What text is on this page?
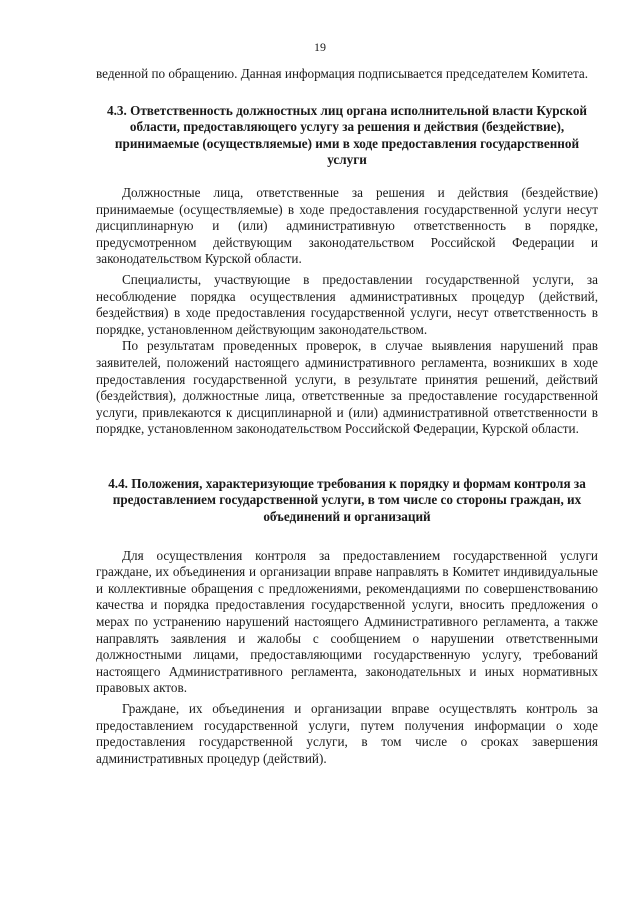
19

веденной по обращению. Данная информация подписывается председателем Комитета.

4.3. Ответственность должностных лиц органа исполнительной власти Курской области, предоставляющего услугу за решения и действия (бездействие), принимаемые (осуществляемые) ими в ходе предоставления государственной услуги

Должностные лица, ответственные за решения и действия (бездействие) принимаемые (осуществляемые) в ходе предоставления государственной услуги несут дисциплинарную и (или) административную ответственность в порядке, предусмотренном действующим законодательством Российской Федерации и законодательством Курской области.

Специалисты, участвующие в предоставлении государственной услуги, за несоблюдение порядка осуществления административных процедур (действий, бездействия) в ходе предоставления государственной услуги, несут ответственность в порядке, установленном действующим законодательством.

По результатам проведенных проверок, в случае выявления нарушений прав заявителей, положений настоящего административного регламента, возникших в ходе предоставления государственной услуги, в результате принятия решений, действий (бездействия), должностные лица, ответственные за предоставление государственной услуги, привлекаются к дисциплинарной и (или) административной ответственности в порядке, установленном законодательством Российской Федерации, Курской области.

4.4. Положения, характеризующие требования к порядку и формам контроля за предоставлением государственной услуги, в том числе со стороны граждан, их объединений и организаций

Для осуществления контроля за предоставлением государственной услуги граждане, их объединения и организации вправе направлять в Комитет индивидуальные и коллективные обращения с предложениями, рекомендациями по совершенствованию качества и порядка предоставления государственной услуги, вносить предложения о мерах по устранению нарушений настоящего Административного регламента, а также направлять заявления и жалобы с сообщением о нарушении ответственными должностными лицами, предоставляющими государственную услугу, требований настоящего Административного регламента, законодательных и иных нормативных правовых актов.

Граждане, их объединения и организации вправе осуществлять контроль за предоставлением государственной услуги, путем получения информации о ходе предоставления государственной услуги, в том числе о сроках завершения административных процедур (действий).
